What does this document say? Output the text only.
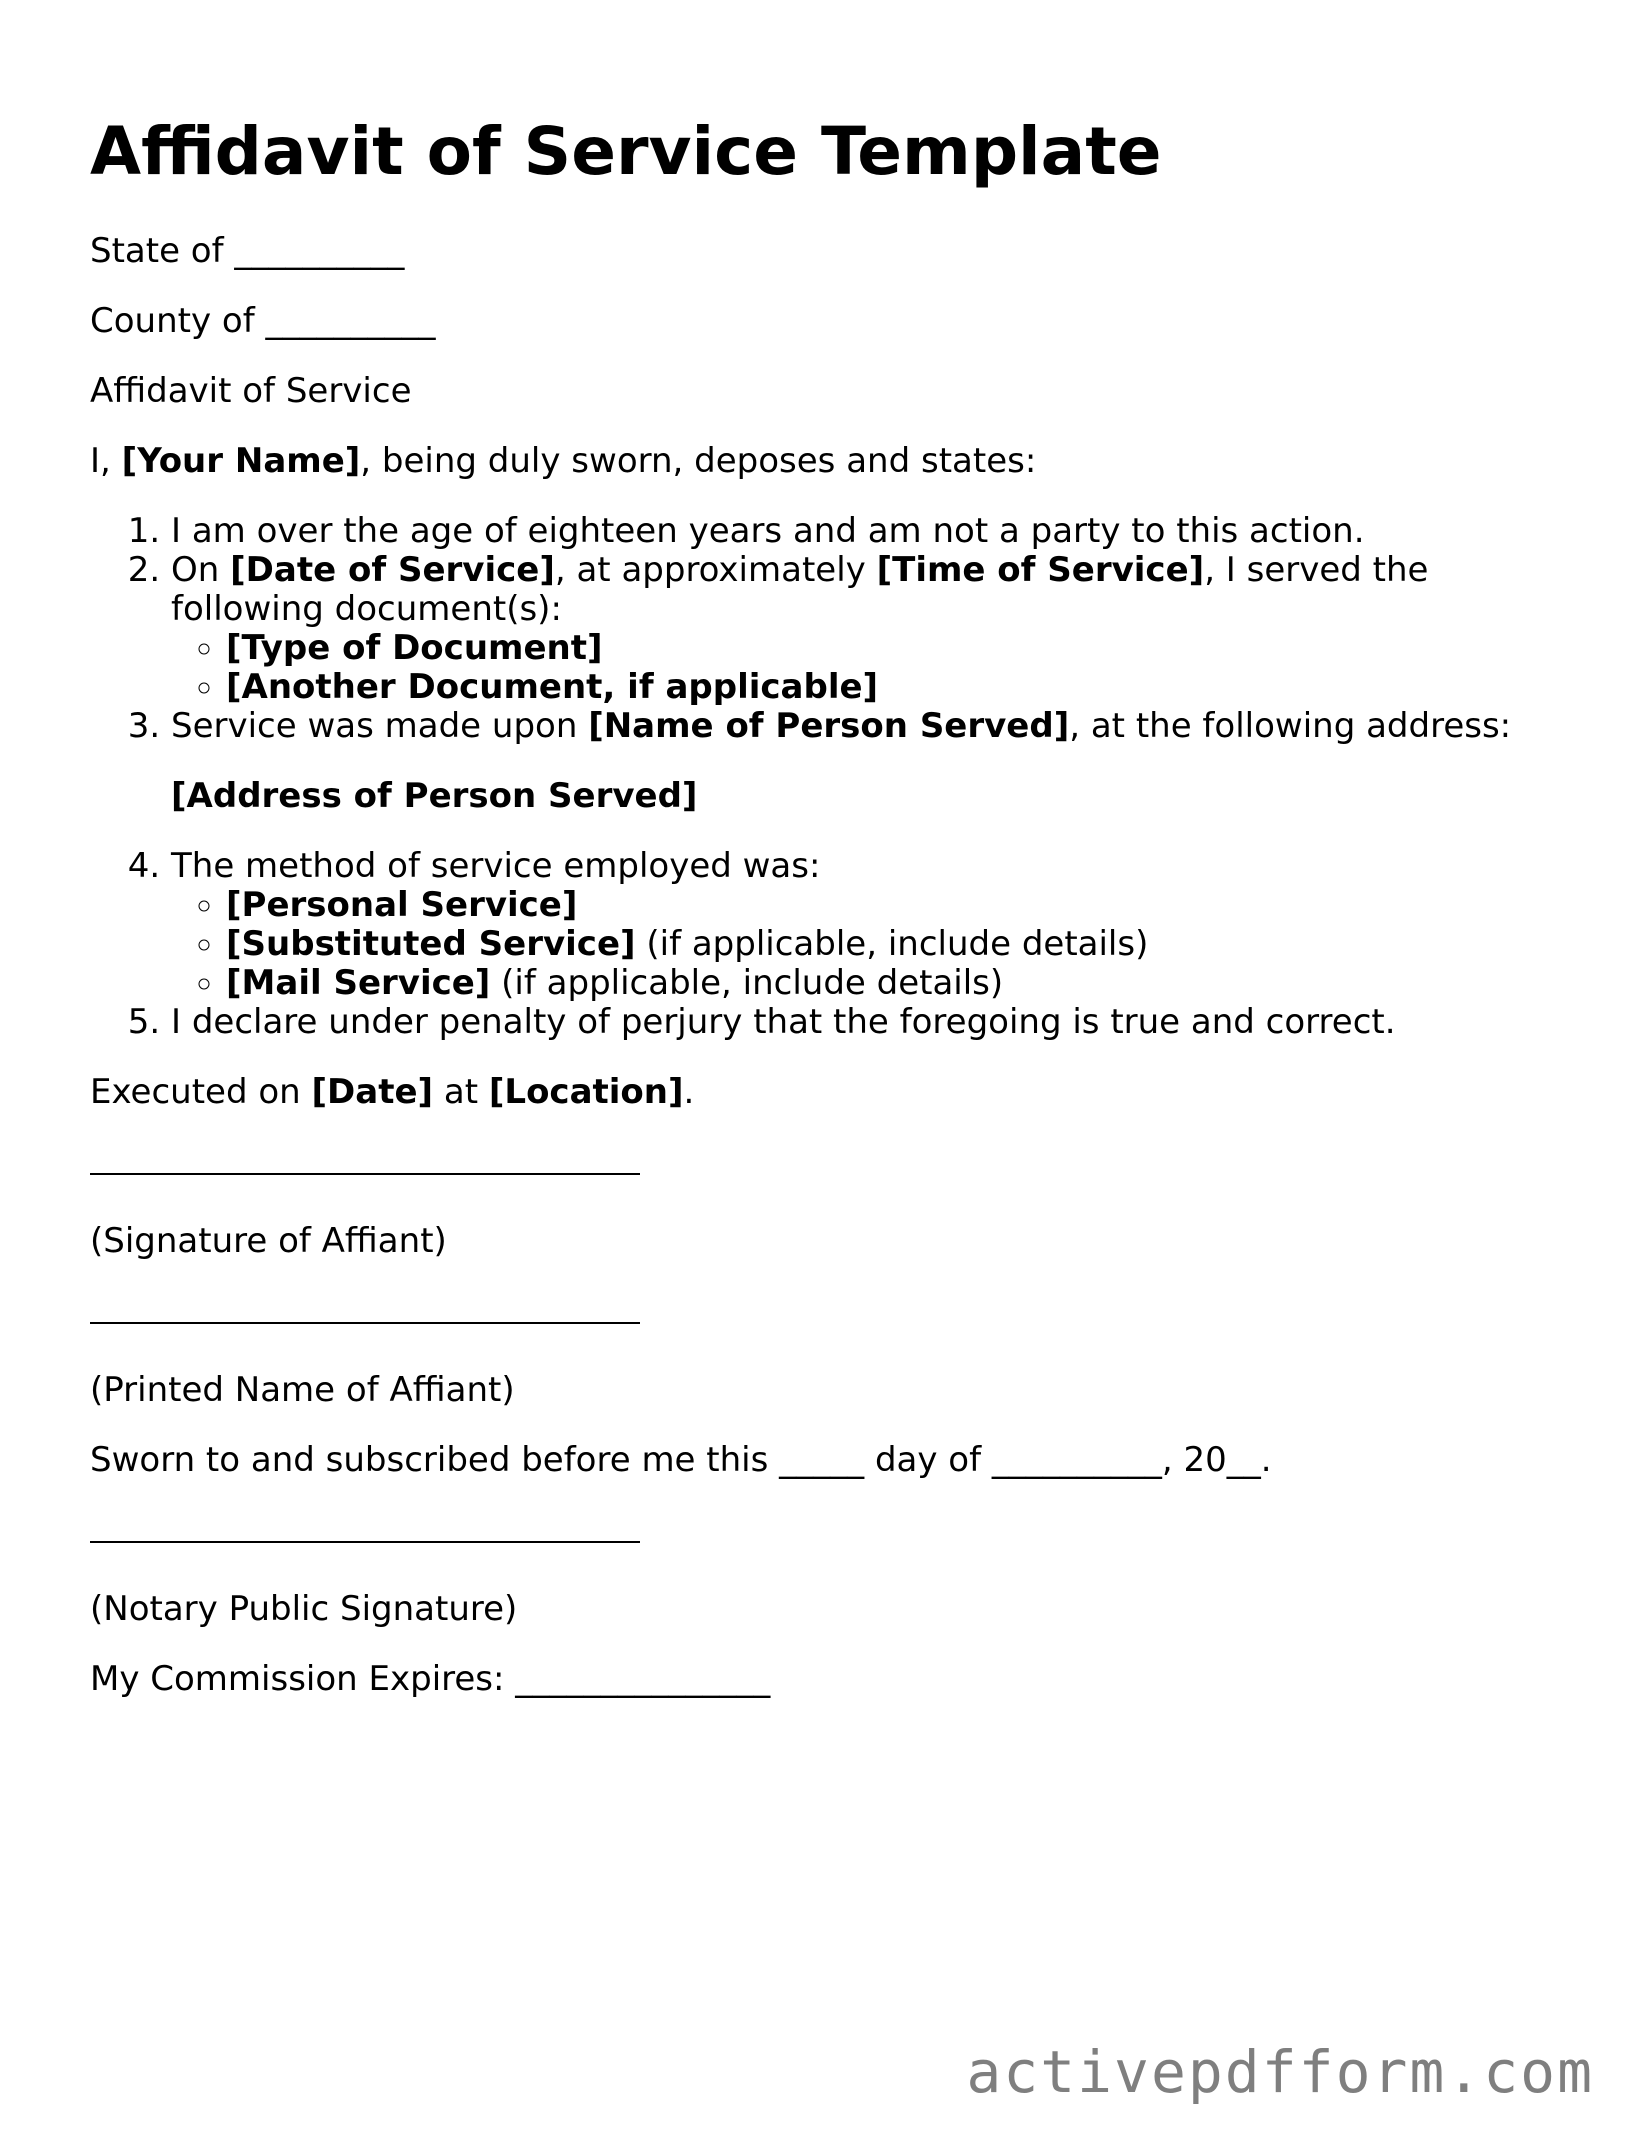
Affidavit of Service Template

State of __________

County of __________

Affidavit of Service

I, [Your Name], being duly sworn, deposes and states:

1. I am over the age of eighteen years and am not a party to this action.
2. On [Date of Service], at approximately [Time of Service], I served the following document(s):
◦ [Type of Document]
◦ [Another Document, if applicable]
3. Service was made upon [Name of Person Served], at the following address:
[Address of Person Served]
4. The method of service employed was:
◦ [Personal Service]
◦ [Substituted Service] (if applicable, include details)
◦ [Mail Service] (if applicable, include details)
5. I declare under penalty of perjury that the foregoing is true and correct.

Executed on [Date] at [Location].

(Signature of Affiant)

(Printed Name of Affiant)

Sworn to and subscribed before me this _____ day of __________, 20__.

(Notary Public Signature)

My Commission Expires: _______________

activepdfform.com
